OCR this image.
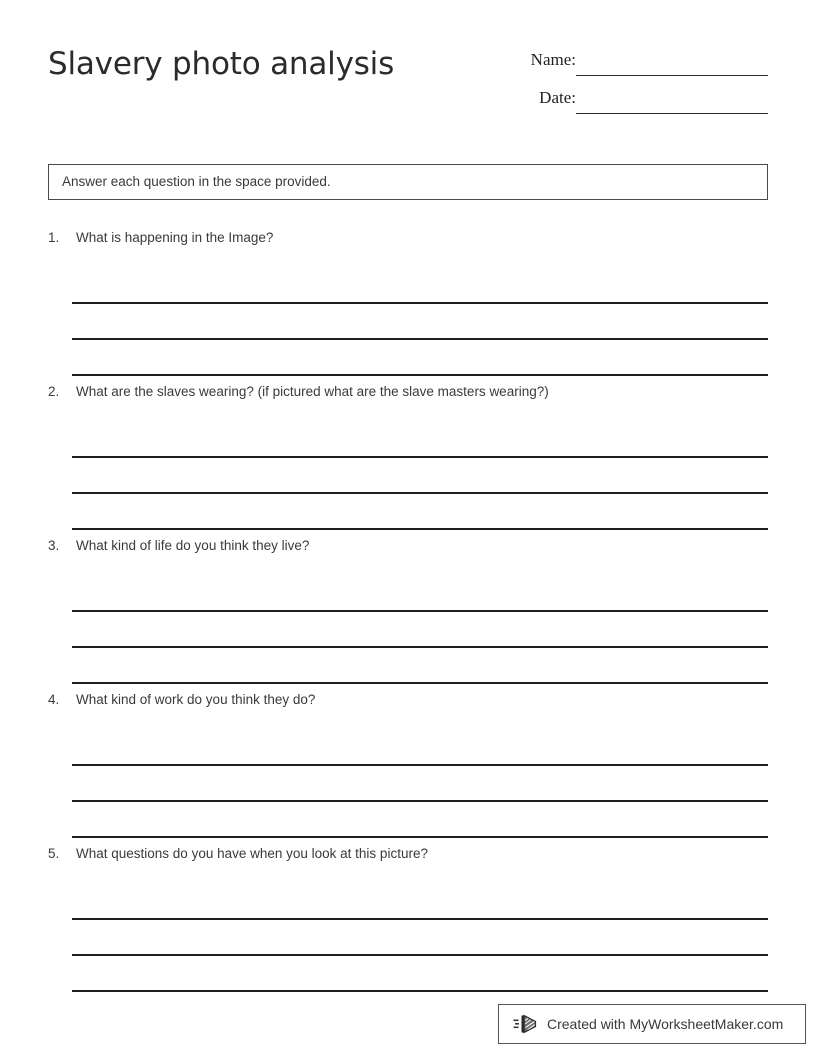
Slavery photo analysis	Name:
Date:
Answer each question in the space provided.
1.	What is happening in the Image?
2.	What are the slaves wearing? (if pictured what are the slave masters wearing?)
3.	What kind of life do you think they live?
4.	What kind of work do you think they do?
5.	What questions do you have when you look at this picture?
Created with MyWorksheetMaker.com
